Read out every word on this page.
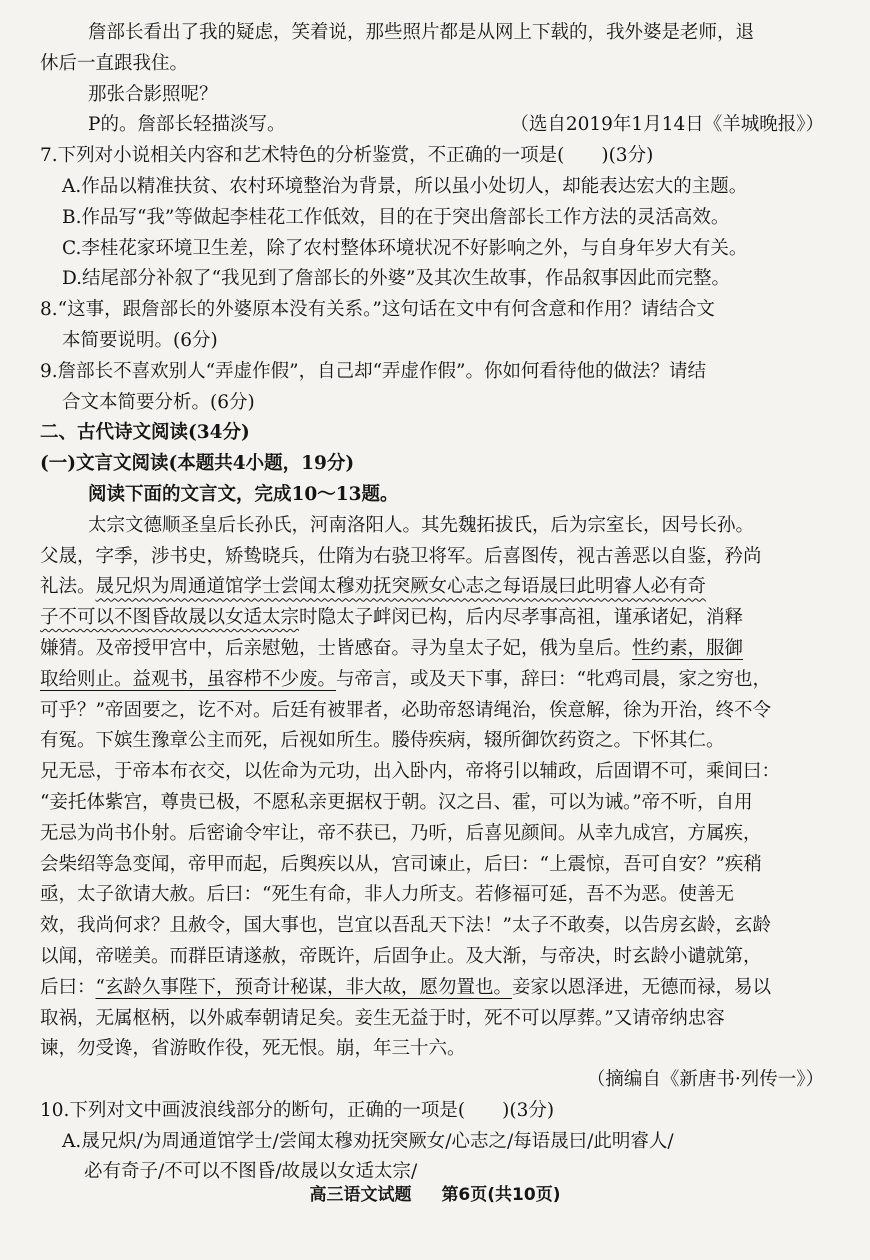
詹部长看出了我的疑虑，笑着说，那些照片都是从网上下载的，我外婆是老师，退
休后一直跟我住。
那张合影照呢？
P的。詹部长轻描淡写。	（选自2019年1月14日《羊城晚报》）
7.下列对小说相关内容和艺术特色的分析鉴赏，不正确的一项是(　　)(3分)
A.作品以精准扶贫、农村环境整治为背景，所以虽小处切人，却能表达宏大的主题。
B.作品写“我”等做起李桂花工作低效，目的在于突出詹部长工作方法的灵活高效。
C.李桂花家环境卫生差，除了农村整体环境状况不好影响之外，与自身年岁大有关。
D.结尾部分补叙了“我见到了詹部长的外婆”及其次生故事，作品叙事因此而完整。
8.“这事，跟詹部长的外婆原本没有关系。”这句话在文中有何含意和作用？请结合文
本简要说明。(6分)
9.詹部长不喜欢别人“弄虚作假”，自己却“弄虚作假”。你如何看待他的做法？请结
合文本简要分析。(6分)
二、古代诗文阅读(34分)
(一)文言文阅读(本题共4小题，19分)
阅读下面的文言文，完成10～13题。
太宗文德顺圣皇后长孙氏，河南洛阳人。其先魏拓拔氏，后为宗室长，因号长孙。
父晟，字季，涉书史，矫鸷晓兵，仕隋为右骁卫将军。后喜图传，视古善恶以自鉴，矜尚
礼法。晟兄炽为周通道馆学士尝闻太穆劝抚突厥女心志之每语晟曰此明睿人必有奇
子不可以不图昏故晟以女适太宗时隐太子衅闵已构，后内尽孝事高祖，谨承诸妃，消释
嫌猜。及帝授甲宫中，后亲慰勉，士皆感奋。寻为皇太子妃，俄为皇后。性约素，服御
取给则止。益观书，虽容栉不少废。与帝言，或及天下事，辞曰：“牝鸡司晨，家之穷也，
可乎？”帝固要之，讫不对。后廷有被罪者，必助帝怒请绳治，俟意解，徐为开治，终不令
有冤。下嫔生豫章公主而死，后视如所生。媵侍疾病，辍所御饮药资之。下怀其仁。
兄无忌，于帝本布衣交，以佐命为元功，出入卧内，帝将引以辅政，后固谓不可，乘间曰：
“妾托体紫宫，尊贵已极，不愿私亲更据权于朝。汉之吕、霍，可以为诫。”帝不听，自用
无忌为尚书仆射。后密谕令牢让，帝不获已，乃听，后喜见颜间。从幸九成宫，方属疾，
会柴绍等急变闻，帝甲而起，后舆疾以从，宫司谏止，后曰：“上震惊，吾可自安？”疾稍
亟，太子欲请大赦。后曰：“死生有命，非人力所支。若修福可延，吾不为恶。使善无
效，我尚何求？且赦令，国大事也，岂宜以吾乱天下法！”太子不敢奏，以告房玄龄，玄龄
以闻，帝嗟美。而群臣请遂赦，帝既许，后固争止。及大渐，与帝决，时玄龄小谴就第，
后曰：“玄龄久事陛下，预奇计秘谋，非大故，愿勿置也。妾家以恩泽进，无德而禄，易以
取祸，无属枢柄，以外戚奉朝请足矣。妾生无益于时，死不可以厚葬。”又请帝纳忠容
谏，勿受谗，省游畋作役，死无恨。崩，年三十六。
（摘编自《新唐书·列传一》）
10.下列对文中画波浪线部分的断句，正确的一项是(　　)(3分)
A.晟兄炽/为周通道馆学士/尝闻太穆劝抚突厥女/心志之/每语晟曰/此明睿人/
必有奇子/不可以不图昏/故晟以女适太宗/
高三语文试题 第6页(共10页)
